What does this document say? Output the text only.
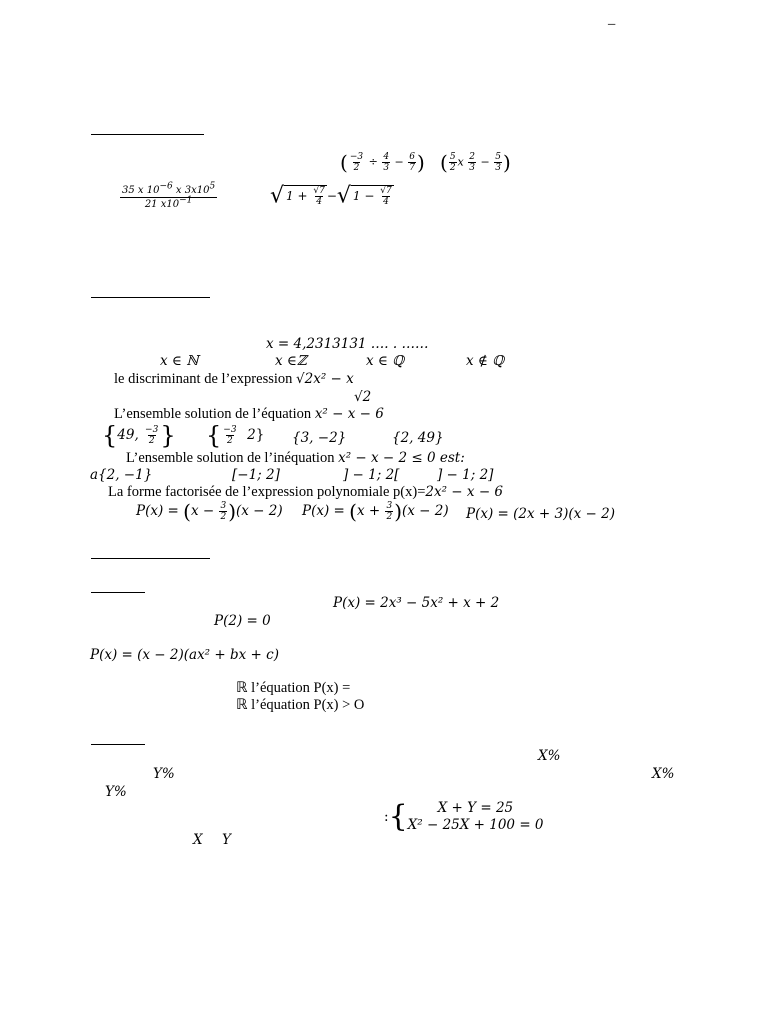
–
( $\frac{-3}{2} \div \frac{4}{3} - \frac{6}{7}$ ) ( $\frac{5}{2}$ x $\frac{2}{3} - \frac{5}{3}$ )
$\frac{35 x 10^{-6} x 3x10^5}{21 x10^{-1}}$ √ $1 + \frac{√7}{4}$ −√ $1 - \frac{√7}{4}$
x = 4,2313131 …. . ……
x ∈ ℕ	x ∈ℤ	x ∈ ℚ	x ∉ ℚ
le discriminant de l’expression √2x² − x
√2
L’ensemble solution de l’équation x² − x − 6
{49, $\frac{-3}{2}$ } { $\frac{-3}{2} 2$} {3, −2}	{2, 49}
L’ensemble solution de l’inéquation x² − x − 2 ≤ 0 est:
a{2, −1}	[−1; 2]	] − 1; 2[	] − 1; 2]
La forme factorisée de l’expression polynomiale p(x)=2x² − x − 6
$P(x) = (x - \frac{3}{2} )(x - 2)$ $P(x) = (x + \frac{3}{2} )(x - 2)$ P(x) = (2x + 3)(x − 2)
P(x) = 2x³ − 5x² + x + 2
P(2) = 0
P(x) = (x − 2)(ax² + bx + c)
ℝ l’équation P(x) =
ℝ l’équation P(x) > O
X%
Y%	X%
Y%
:{	X + Y = 25
X² − 25X + 100 = 0
X Y
